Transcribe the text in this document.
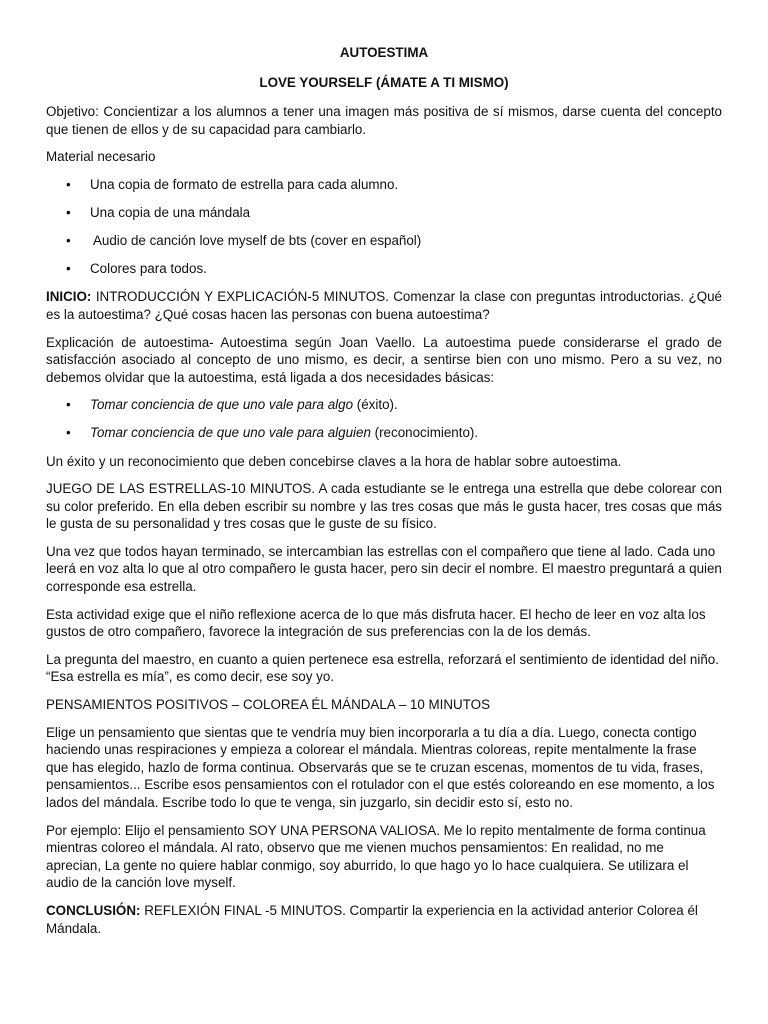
AUTOESTIMA
LOVE YOURSELF (ÁMATE A TI MISMO)

Objetivo: Concientizar a los alumnos a tener una imagen más positiva de sí mismos, darse cuenta del concepto que tienen de ellos y de su capacidad para cambiarlo.

Material necesario

• Una copia de formato de estrella para cada alumno.
• Una copia de una mándala
• Audio de canción love myself de bts (cover en español)
• Colores para todos.

INICIO: INTRODUCCIÓN Y EXPLICACIÓN-5 MINUTOS. Comenzar la clase con preguntas introductorias. ¿Qué es la autoestima? ¿Qué cosas hacen las personas con buena autoestima?

Explicación de autoestima- Autoestima según Joan Vaello. La autoestima puede considerarse el grado de satisfacción asociado al concepto de uno mismo, es decir, a sentirse bien con uno mismo. Pero a su vez, no debemos olvidar que la autoestima, está ligada a dos necesidades básicas:

• Tomar conciencia de que uno vale para algo (éxito).
• Tomar conciencia de que uno vale para alguien (reconocimiento).

Un éxito y un reconocimiento que deben concebirse claves a la hora de hablar sobre autoestima.

JUEGO DE LAS ESTRELLAS-10 MINUTOS. A cada estudiante se le entrega una estrella que debe colorear con su color preferido. En ella deben escribir su nombre y las tres cosas que más le gusta hacer, tres cosas que más le gusta de su personalidad y tres cosas que le guste de su físico.

Una vez que todos hayan terminado, se intercambian las estrellas con el compañero que tiene al lado. Cada uno leerá en voz alta lo que al otro compañero le gusta hacer, pero sin decir el nombre. El maestro preguntará a quien corresponde esa estrella.

Esta actividad exige que el niño reflexione acerca de lo que más disfruta hacer. El hecho de leer en voz alta los gustos de otro compañero, favorece la integración de sus preferencias con la de los demás.

La pregunta del maestro, en cuanto a quien pertenece esa estrella, reforzará el sentimiento de identidad del niño. “Esa estrella es mía”, es como decir, ese soy yo.

PENSAMIENTOS POSITIVOS – COLOREA ÉL MÁNDALA – 10 MINUTOS

Elige un pensamiento que sientas que te vendría muy bien incorporarla a tu día a día. Luego, conecta contigo haciendo unas respiraciones y empieza a colorear el mándala. Mientras coloreas, repite mentalmente la frase que has elegido, hazlo de forma continua. Observarás que se te cruzan escenas, momentos de tu vida, frases, pensamientos... Escribe esos pensamientos con el rotulador con el que estés coloreando en ese momento, a los lados del mándala. Escribe todo lo que te venga, sin juzgarlo, sin decidir esto sí, esto no.

Por ejemplo: Elijo el pensamiento SOY UNA PERSONA VALIOSA. Me lo repito mentalmente de forma continua mientras coloreo el mándala. Al rato, observo que me vienen muchos pensamientos: En realidad, no me aprecian, La gente no quiere hablar conmigo, soy aburrido, lo que hago yo lo hace cualquiera. Se utilizara el audio de la canción love myself.

CONCLUSIÓN: REFLEXIÓN FINAL -5 MINUTOS. Compartir la experiencia en la actividad anterior Colorea él Mándala.
